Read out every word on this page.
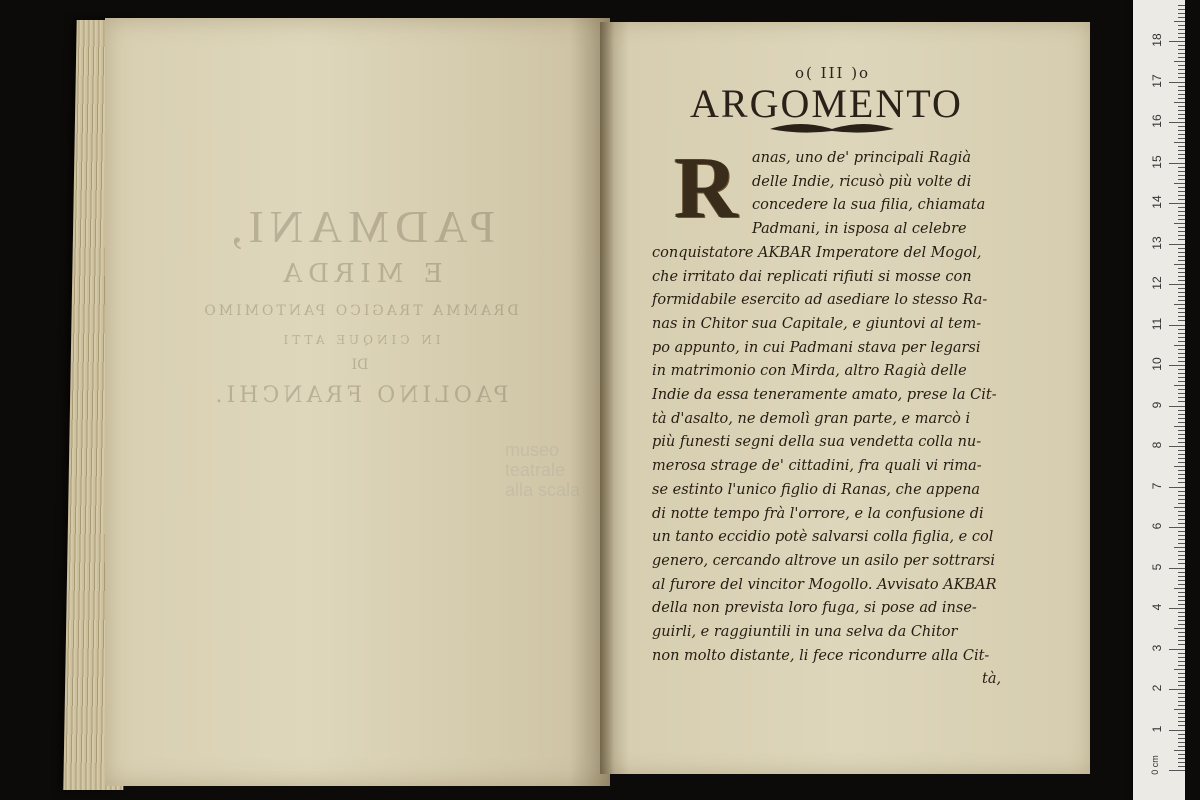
PADMANI,

E MIRDA

DRAMMA TRAGICO PANTOMIMO

IN CINQUE ATTI

DI

PAOLINO FRANCHI.

museo
teatrale
alla scala
o( III )o
ARGOMENTO
R anas, uno de' principali Ragià
delle Indie, ricusò più volte di
concedere la sua filia, chiamata
Padmani, in isposa al celebre
conquistatore AKBAR Imperatore del Mogol,
che irritato dai replicati rifiuti si mosse con
formidabile esercito ad asediare lo stesso Ra-
nas in Chitor sua Capitale, e giuntovi al tem-
po appunto, in cui Padmani stava per legarsi
in matrimonio con Mirda, altro Ragià delle
Indie da essa teneramente amato, prese la Cit-
tà d'asalto, ne demolì gran parte, e marcò i
più funesti segni della sua vendetta colla nu-
merosa strage de' cittadini, fra quali vi rima-
se estinto l'unico figlio di Ranas, che appena
di notte tempo frà l'orrore, e la confusione di
un tanto eccidio potè salvarsi colla figlia, e col
genero, cercando altrove un asilo per sottrarsi
al furore del vincitor Mogollo. Avvisato AKBAR
della non prevista loro fuga, si pose ad inse-
guirli, e raggiuntili in una selva da Chitor
non molto distante, li fece ricondurre alla Cit-
tà,
1
2
3
4
5
6
7
8
9
10
11
12
13
14
15
16
17
18
0 cm
